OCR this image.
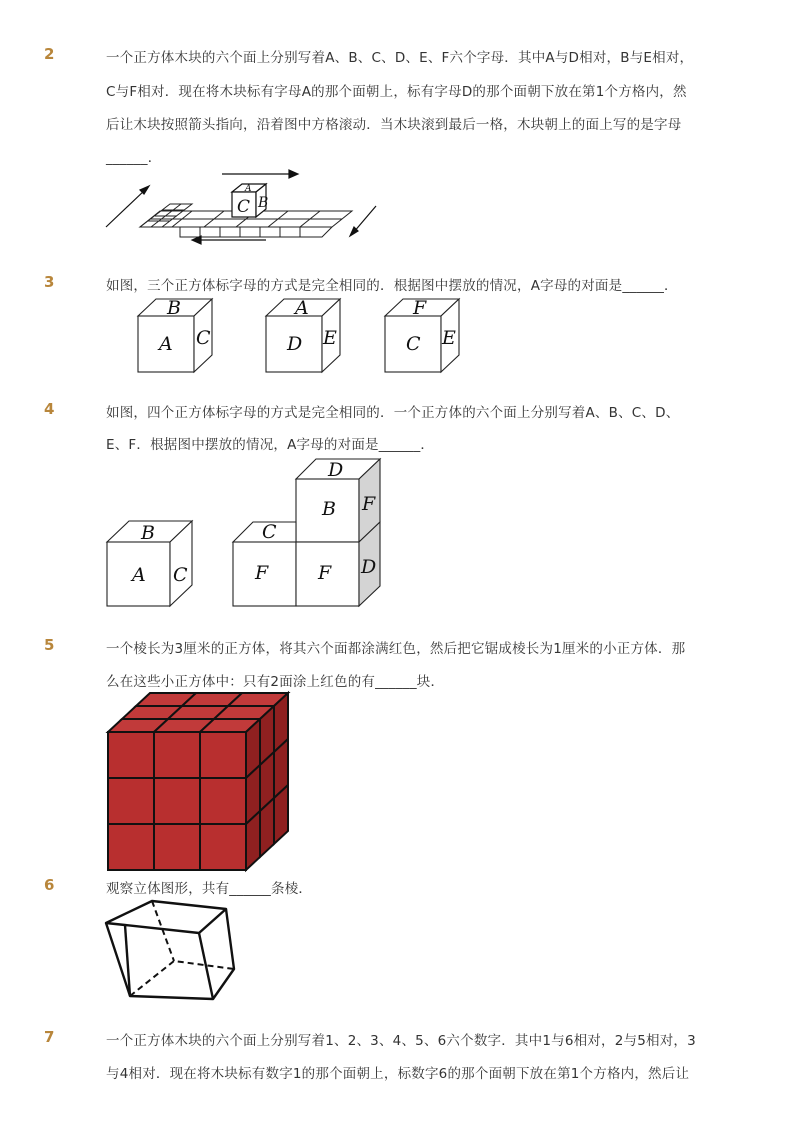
2	一个正方体木块的六个面上分别写着A、B、C、D、E、F六个字母．其中A与D相对，B与E相对，
C与F相对．现在将木块标有字母A的那个面朝上，标有字母D的那个面朝下放在第1个方格内，然
后让木块按照箭头指向，沿着图中方格滚动．当木块滚到最后一格，木块朝上的面上写的是字母
______．
C B
A
3	如图，三个正方体标字母的方式是完全相同的．根据图中摆放的情况，A字母的对面是______．
B
A C
A
D E
F
C E
4	如图，四个正方体标字母的方式是完全相同的．一个正方体的六个面上分别写着A、B、C、D、
E、F．根据图中摆放的情况，A字母的对面是______．
B
A C
D
B F
C
F	F D
5	一个棱长为3厘米的正方体，将其六个面都涂满红色，然后把它锯成棱长为1厘米的小正方体．那
么在这些小正方体中：只有2面涂上红色的有______块．
6	观察立体图形，共有______条棱．
7	一个正方体木块的六个面上分别写着1、2、3、4、5、6六个数字．其中1与6相对，2与5相对，3
与4相对．现在将木块标有数字1的那个面朝上，标数字6的那个面朝下放在第1个方格内，然后让
